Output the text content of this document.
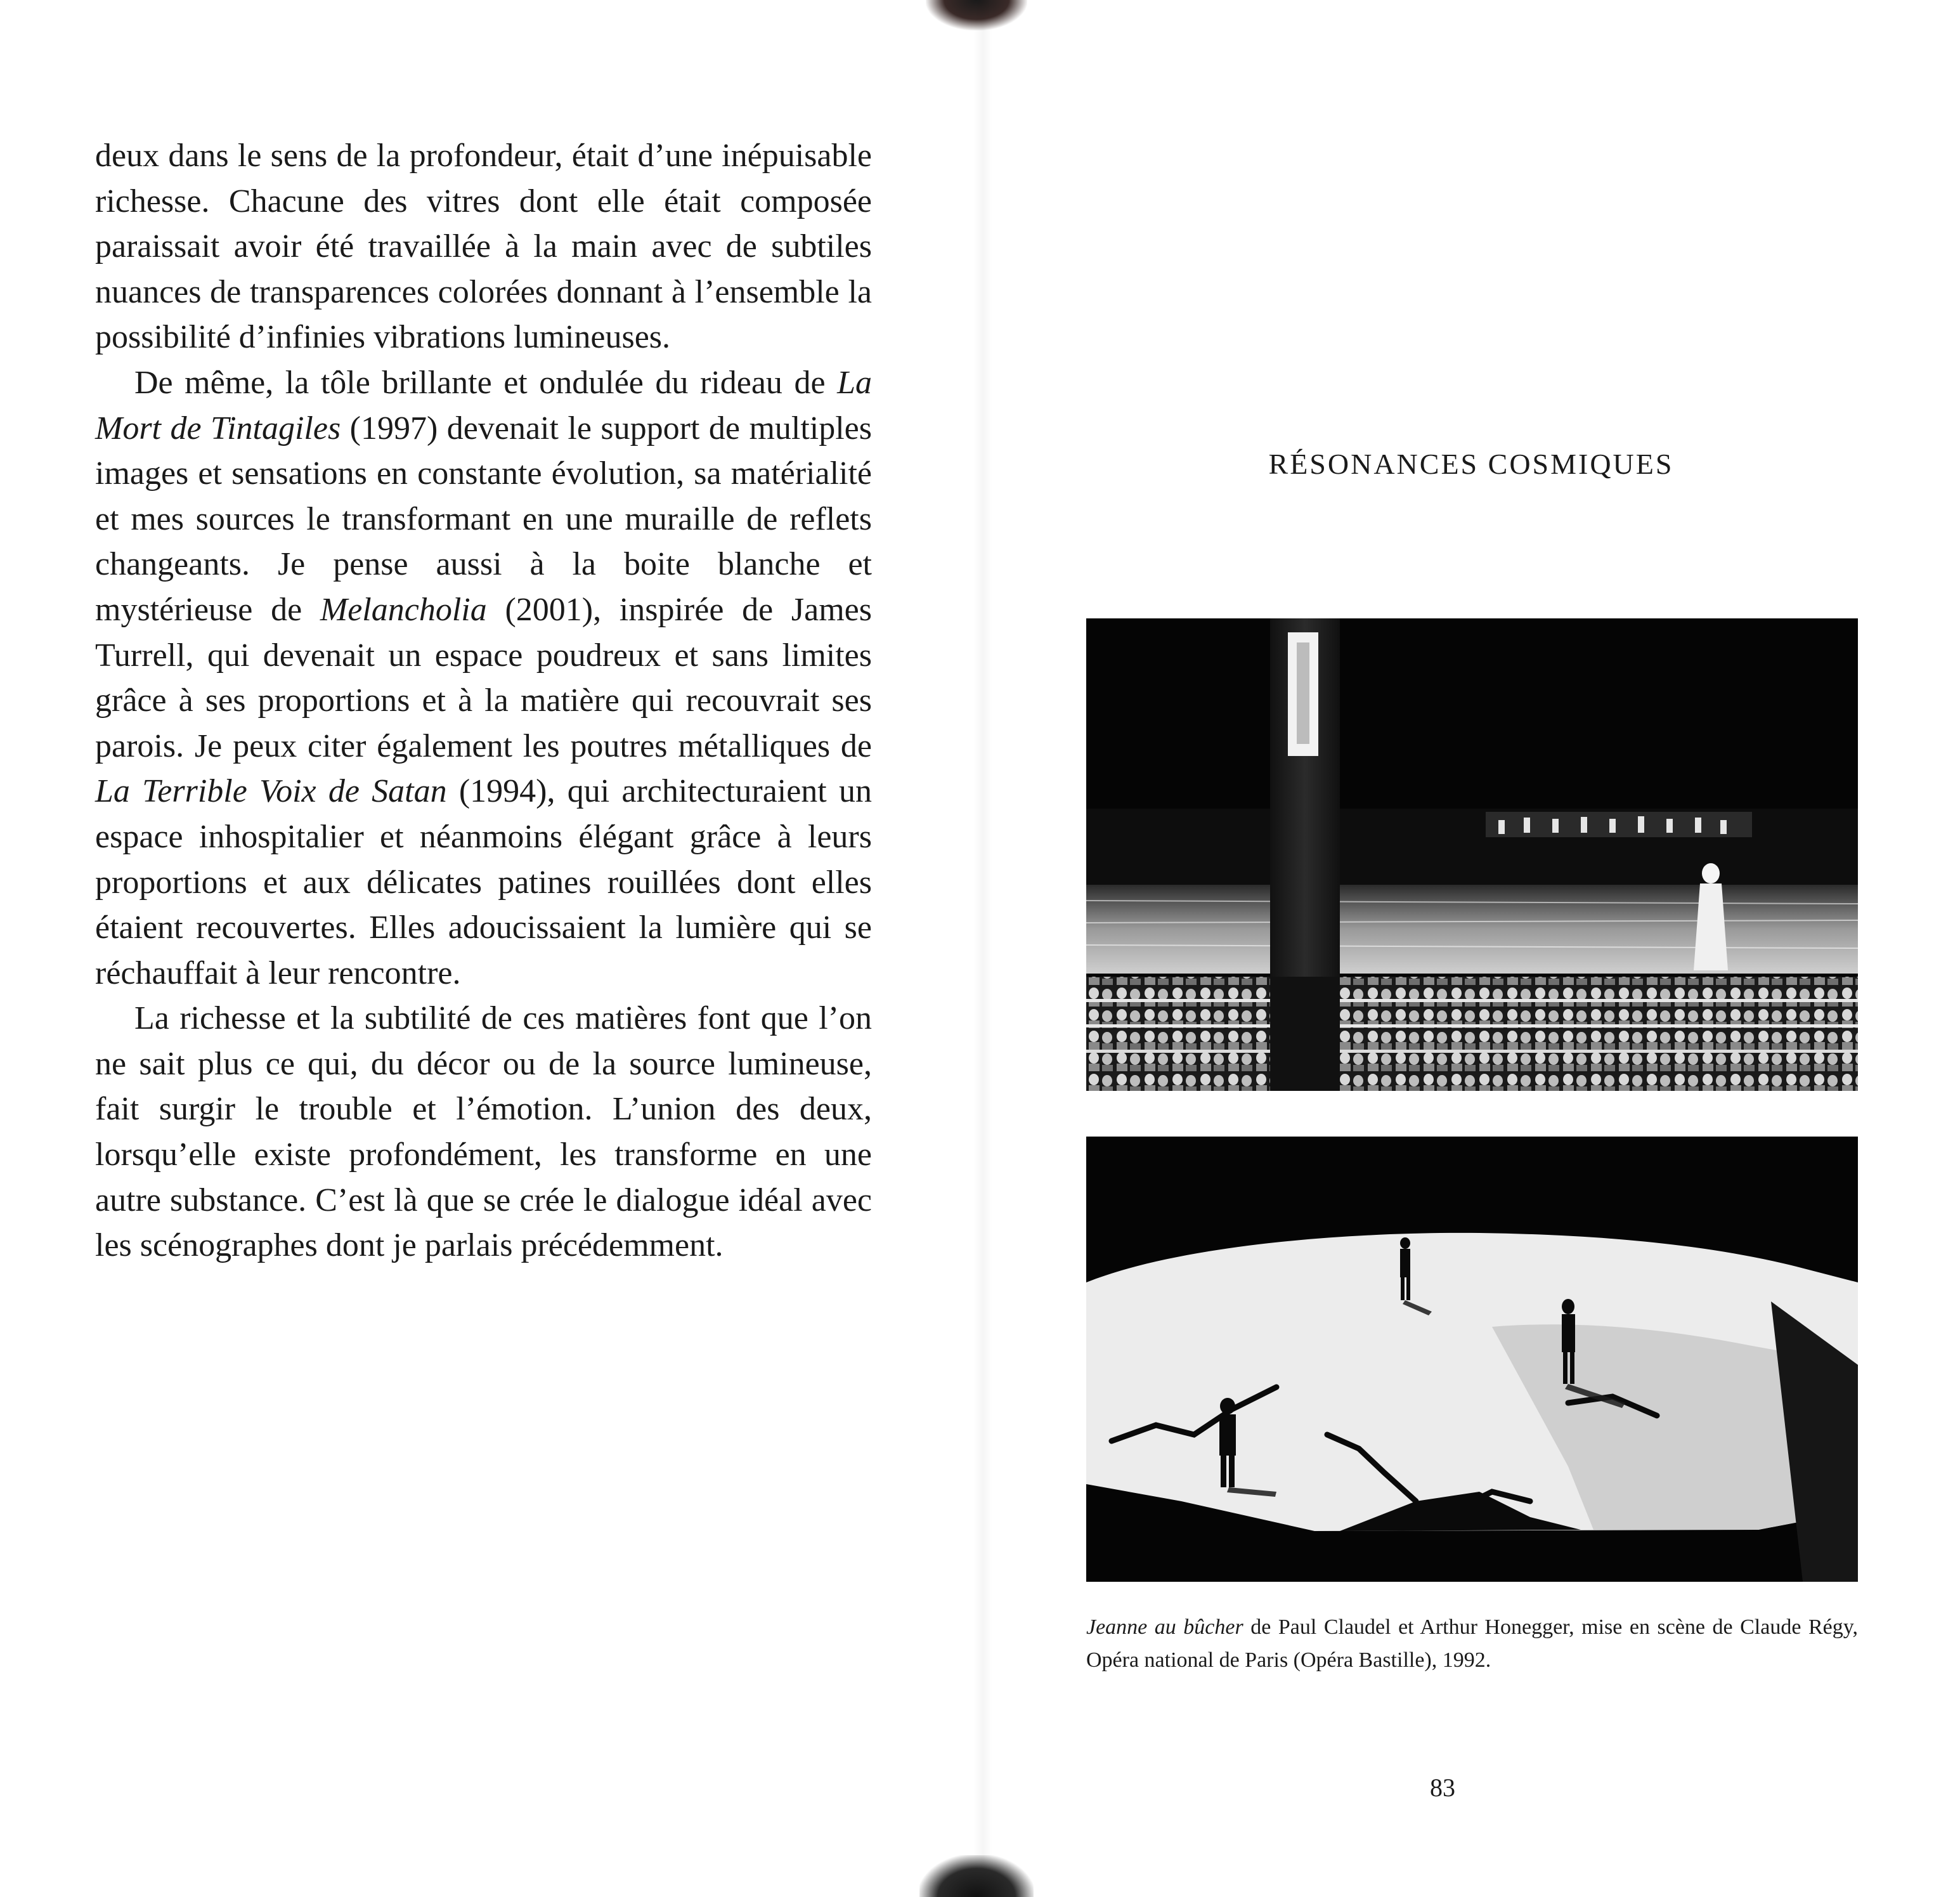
deux dans le sens de la profondeur, était d’une inépuisable richesse. Chacune des vitres dont elle était composée paraissait avoir été travaillée à la main avec de subtiles nuances de transparences colorées donnant à l’ensemble la possibilité d’infinies vibrations lumineuses.

De même, la tôle brillante et ondulée du rideau de La Mort de Tintagiles (1997) devenait le support de multiples images et sensations en constante évolution, sa matérialité et mes sources le transformant en une muraille de reflets changeants. Je pense aussi à la boite blanche et mystérieuse de Melancholia (2001), inspirée de James Turrell, qui devenait un espace poudreux et sans limites grâce à ses proportions et à la matière qui recouvrait ses parois. Je peux citer également les poutres métalliques de La Terrible Voix de Satan (1994), qui architecturaient un espace inhospitalier et néanmoins élégant grâce à leurs proportions et aux délicates patines rouillées dont elles étaient recouvertes. Elles adoucissaient la lumière qui se réchauffait à leur rencontre.

La richesse et la subtilité de ces matières font que l’on ne sait plus ce qui, du décor ou de la source lumineuse, fait surgir le trouble et l’émotion. L’union des deux, lorsqu’elle existe profondément, les transforme en une autre substance. C’est là que se crée le dialogue idéal avec les scénographes dont je parlais précédemment.

RÉSONANCES COSMIQUES
Jeanne au bûcher de Paul Claudel et Arthur Honegger, mise en scène de Claude Régy, Opéra national de Paris (Opéra Bastille), 1992.
83
